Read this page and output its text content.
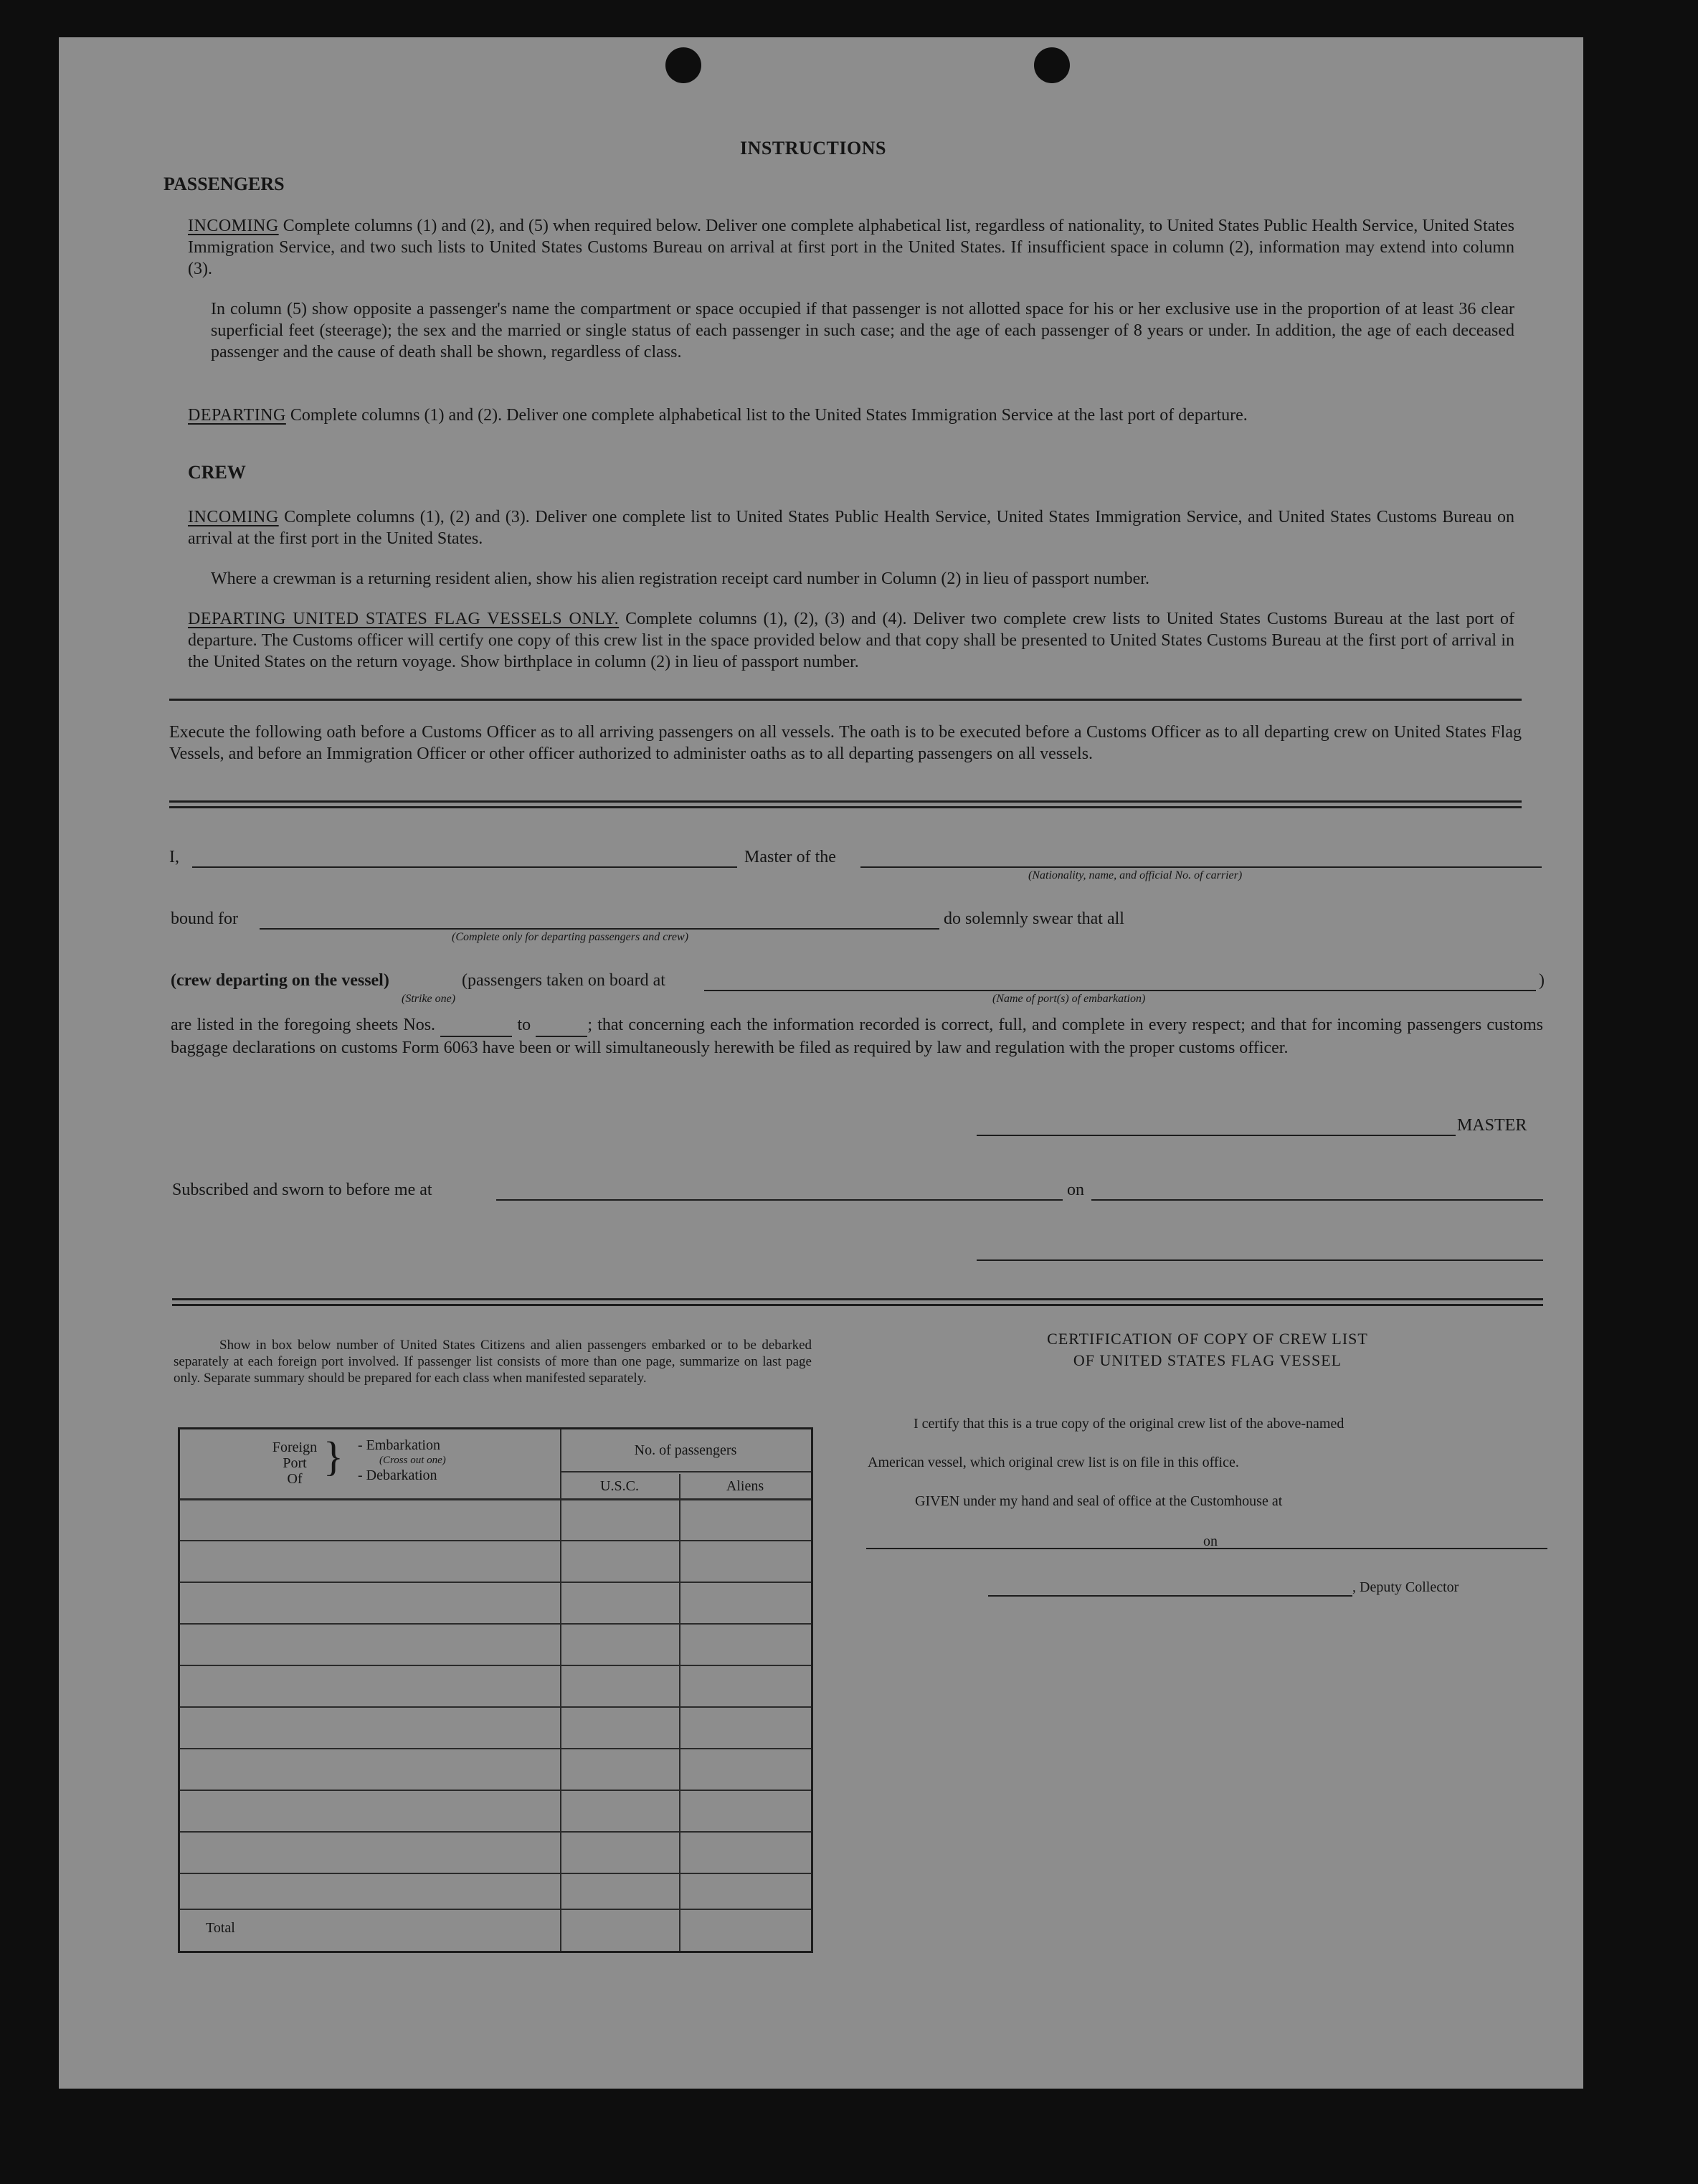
INSTRUCTIONS
PASSENGERS
INCOMING Complete columns (1) and (2), and (5) when required below. Deliver one complete alphabetical list, regardless of nationality, to United States Public Health Service, United States Immigration Service, and two such lists to United States Customs Bureau on arrival at first port in the United States. If insufficient space in column (2), information may extend into column (3).
In column (5) show opposite a passenger's name the compartment or space occupied if that passenger is not allotted space for his or her exclusive use in the proportion of at least 36 clear superficial feet (steerage); the sex and the married or single status of each passenger in such case; and the age of each passenger of 8 years or under. In addition, the age of each deceased passenger and the cause of death shall be shown, regardless of class.
DEPARTING Complete columns (1) and (2). Deliver one complete alphabetical list to the United States Immigration Service at the last port of departure.
CREW
INCOMING Complete columns (1), (2) and (3). Deliver one complete list to United States Public Health Service, United States Immigration Service, and United States Customs Bureau on arrival at the first port in the United States.
Where a crewman is a returning resident alien, show his alien registration receipt card number in Column (2) in lieu of passport number.
DEPARTING UNITED STATES FLAG VESSELS ONLY. Complete columns (1), (2), (3) and (4). Deliver two complete crew lists to United States Customs Bureau at the last port of departure. The Customs officer will certify one copy of this crew list in the space provided below and that copy shall be presented to United States Customs Bureau at the first port of arrival in the United States on the return voyage. Show birthplace in column (2) in lieu of passport number.
Execute the following oath before a Customs Officer as to all arriving passengers on all vessels. The oath is to be executed before a Customs Officer as to all departing crew on United States Flag Vessels, and before an Immigration Officer or other officer authorized to administer oaths as to all departing passengers on all vessels.
I,	Master of the
(Nationality, name, and official No. of carrier)
bound for
(Complete only for departing passengers and crew)
do solemnly swear that all
(crew departing on the vessel)
(Strike one)
(passengers taken on board at
(Name of port(s) of embarkation)
)
are listed in the foregoing sheets Nos.	to	; that concerning each the information recorded is correct, full, and complete in every respect; and that for incoming passengers customs baggage declarations on customs Form 6063 have been or will simultaneously herewith be filed as required by law and regulation with the proper customs officer.
MASTER
Subscribed and sworn to before me at	on
Show in box below number of United States Citizens and alien passengers embarked or to be debarked separately at each foreign port involved. If passenger list consists of more than one page, summarize on last page only. Separate summary should be prepared for each class when manifested separately.
Foreign
Port
Of } - Embarkation
(Cross out one)
- Debarkation
No. of passengers
U.S.C.	Aliens
Total
CERTIFICATION OF COPY OF CREW LIST
OF UNITED STATES FLAG VESSEL
I certify that this is a true copy of the original crew list of the above-named
American vessel, which original crew list is on file in this office.
GIVEN under my hand and seal of office at the Customhouse at
on
, Deputy Collector
